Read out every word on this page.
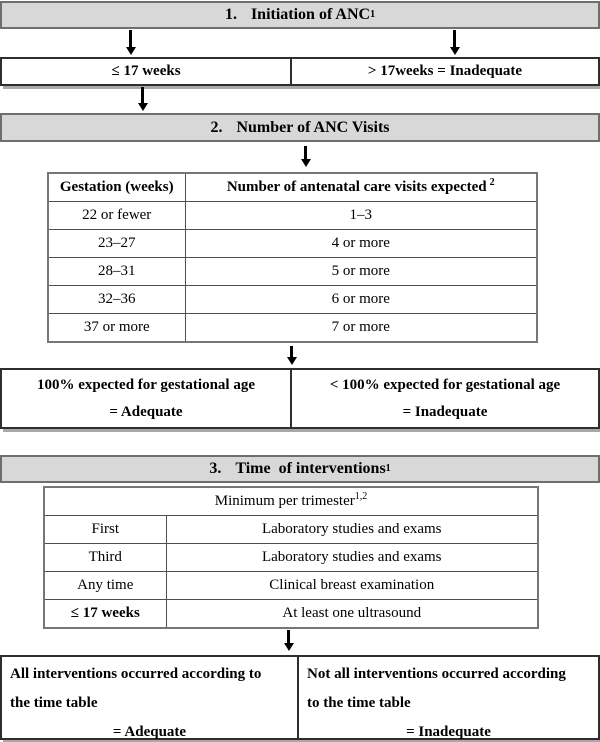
1. Initiation of ANC 1
≤ 17 weeks	> 17weeks = Inadequate
2. Number of ANC Visits
Gestation (weeks)	Number of antenatal care visits expected $^2$
22 or fewer	1–3
23–27	4 or more
28–31	5 or more
32–36	6 or more
37 or more	7 or more
100% expected for gestational age
= Adequate
< 100% expected for gestational age
= Inadequate
3. Time  of interventions 1
Minimum per trimester$^{1,2}$
First	Laboratory studies and exams
Third	Laboratory studies and exams
Any time	Clinical breast examination
≤ 17 weeks	At least one ultrasound
All interventions occurred according to
the time table
= Adequate
Not all interventions occurred according
to the time table
= Inadequate
